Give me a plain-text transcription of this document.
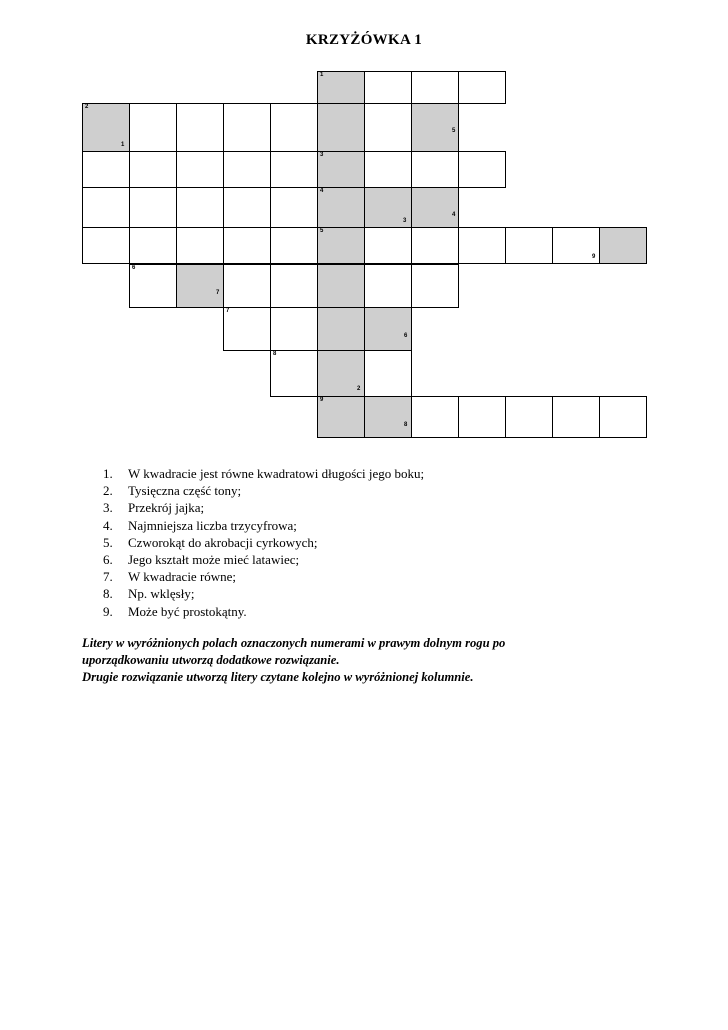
KRZYŻÓWKA 1
1
2
3
4
5
6
7
8
9
1
2
3
4
5
6
7
8
9
1. W kwadracie jest równe kwadratowi długości jego boku;
2. Tysięczna część tony;
3. Przekrój jajka;
4. Najmniejsza liczba trzycyfrowa;
5. Czworokąt do akrobacji cyrkowych;
6. Jego kształt może mieć latawiec;
7. W kwadracie równe;
8. Np. wklęsły;
9. Może być prostokątny.

Litery w wyróżnionych polach oznaczonych numerami w prawym dolnym rogu po

uporządkowaniu utworzą dodatkowe rozwiązanie.

Drugie rozwiązanie utworzą litery czytane kolejno w wyróżnionej kolumnie.
